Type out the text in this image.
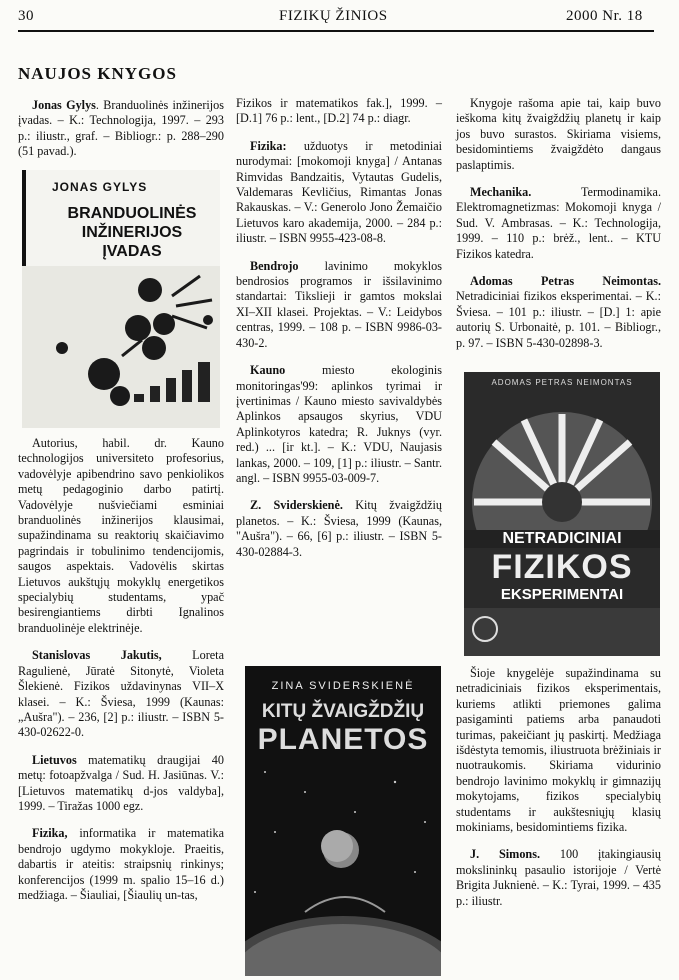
30	FIZIKŲ ŽINIOS	2000 Nr. 18
NAUJOS KNYGOS

Jonas Gylys. Branduolinės inžinerijos įvadas. – K.: Technologija, 1997. – 293 p.: iliustr., graf. – Bibliogr.: p. 288–290 (51 pavad.).

JONAS GYLYS
BRANDUOLINĖS
INŽINERIJOS
ĮVADAS

Autorius, habil. dr. Kauno technologijos universiteto profesorius, vadovėlyje apibendrino savo penkiolikos metų pedagoginio darbo patirtį. Vadovėlyje nušviečiami esminiai branduolinės inžinerijos klausimai, supažindinama su reaktorių skaičiavimo pagrindais ir tobulinimo tendencijomis, saugos aspektais. Vadovėlis skirtas Lietuvos aukštųjų mokyklų energetikos specialybių studentams, ypač besirengiantiems dirbti Ignalinos branduolinėje elektrinėje.

Stanislovas Jakutis, Loreta Ragulienė, Jūratė Sitonytė, Violeta Šlekienė. Fizikos uždavinynas VII–X klasei. – K.: Šviesa, 1999 (Kaunas: „Aušra"). – 236, [2] p.: iliustr. – ISBN 5-430-02622-0.

Lietuvos matematikų draugijai 40 metų: fotoapžvalga / Sud. H. Jasiūnas. V.: [Lietuvos matematikų d-jos valdyba], 1999. – Tiražas 1000 egz.

Fizika, informatika ir matematika bendrojo ugdymo mokykloje. Praeitis, dabartis ir ateitis: straipsnių rinkinys; konferencijos (1999 m. spalio 15–16 d.) medžiaga. – Šiauliai, [Šiaulių un-tas,

Fizikos ir matematikos fak.], 1999. – [D.1] 76 p.: lent., [D.2] 74 p.: diagr.

Fizika: užduotys ir metodiniai nurodymai: [mokomoji knyga] / Antanas Rimvidas Bandzaitis, Vytautas Gudelis, Valdemaras Kevličius, Rimantas Jonas Rakauskas. – V.: Generolo Jono Žemaičio Lietuvos karo akademija, 2000. – 284 p.: iliustr. – ISBN 9955-423-08-8.

Bendrojo lavinimo mokyklos bendrosios programos ir išsilavinimo standartai: Tikslieji ir gamtos mokslai XI–XII klasei. Projektas. – V.: Leidybos centras, 1999. – 108 p. – ISBN 9986-03-430-2.

Kauno miesto ekologinis monitoringas'99: aplinkos tyrimai ir įvertinimas / Kauno miesto savivaldybės Aplinkos apsaugos skyrius, VDU Aplinkotyros katedra; R. Juknys (vyr. red.) ... [ir kt.]. – K.: VDU, Naujasis lankas, 2000. – 109, [1] p.: iliustr. – Santr. angl. – ISBN 9955-03-009-7.

Z. Sviderskienė. Kitų žvaigždžių planetos. – K.: Šviesa, 1999 (Kaunas, "Aušra"). – 66, [6] p.: iliustr. – ISBN 5-430-02884-3.

ZINA SVIDERSKIENĖ
KITŲ ŽVAIGŽDŽIŲ
PLANETOS

Knygoje rašoma apie tai, kaip buvo ieškoma kitų žvaigždžių planetų ir kaip jos buvo surastos. Skiriama visiems, besidomintiems žvaigždėto dangaus paslaptimis.

Mechanika. Termodinamika. Elektromagnetizmas: Mokomoji knyga / Sud. V. Ambrasas. – K.: Technologija, 1999. – 110 p.: brėž., lent.. – KTU Fizikos katedra.

Adomas Petras Neimontas. Netradiciniai fizikos eksperimentai. – K.: Šviesa. – 101 p.: iliustr. – [D.] 1: apie autorių S. Urbonaitė, p. 101. – Bibliogr., p. 97. – ISBN 5-430-02898-3.

ADOMAS PETRAS NEIMONTAS
NETRADICINIAI
FIZIKOS
EKSPERIMENTAI

Šioje knygelėje supažindinama su netradiciniais fizikos eksperimentais, kuriems atlikti priemones galima pasigaminti patiems arba panaudoti turimas, pakeičiant jų paskirtį. Medžiaga išdėstyta temomis, iliustruota brėžiniais ir nuotraukomis. Skiriama vidurinio bendrojo lavinimo mokyklų ir gimnazijų mokytojams, fizikos specialybių studentams ir aukštesniųjų klasių mokiniams, besidomintiems fizika.

J. Simons. 100 įtakingiausių mokslininkų pasaulio istorijoje / Vertė Brigita Juknienė. – K.: Tyrai, 1999. – 435 p.: iliustr.
